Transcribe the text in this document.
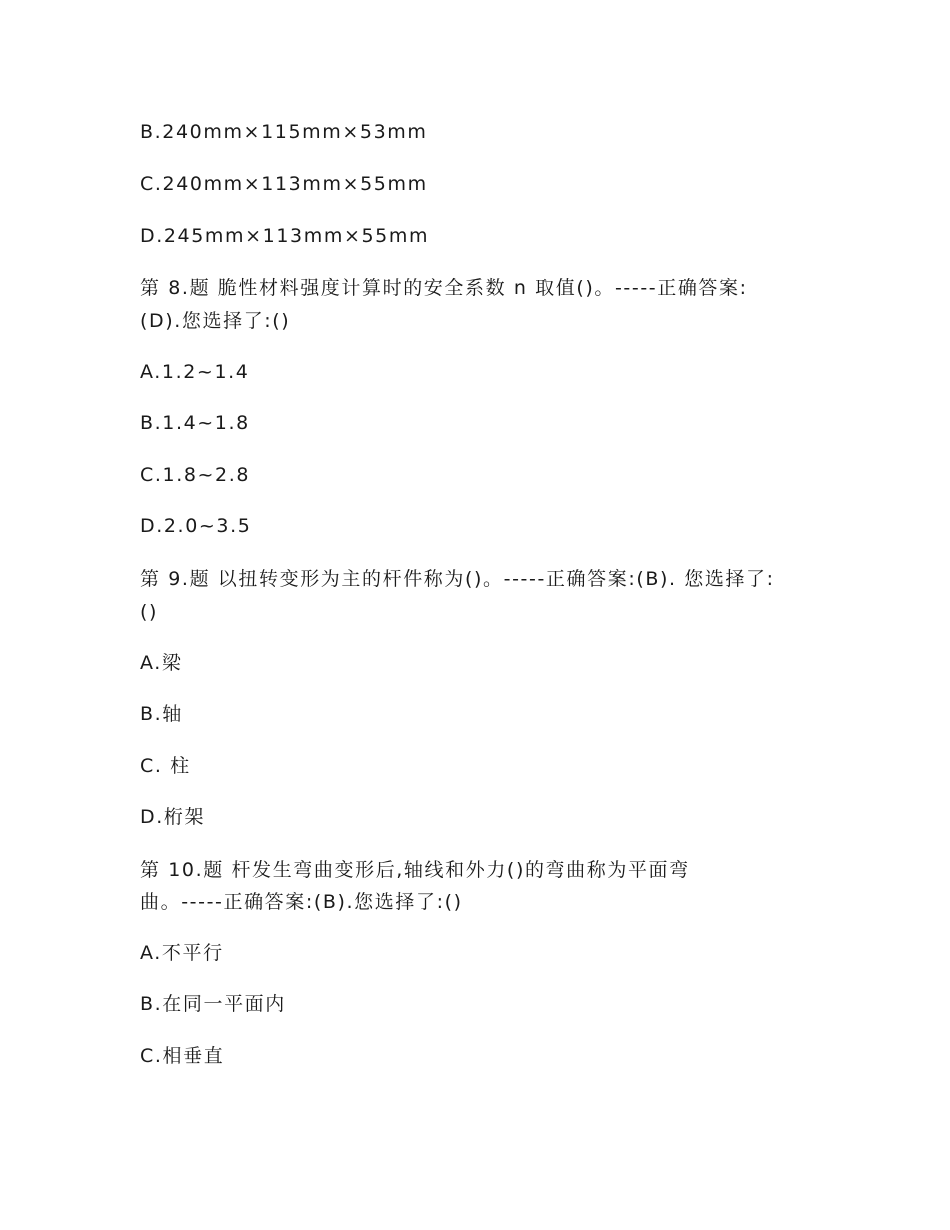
B.240mm×115mm×53mm
C.240mm×113mm×55mm
D.245mm×113mm×55mm
第 8.题 脆性材料强度计算时的安全系数 n 取值()。-----正确答案:
(D).您选择了:()
A.1.2~1.4
B.1.4~1.8
C.1.8~2.8
D.2.0~3.5
第 9.题 以扭转变形为主的杆件称为()。-----正确答案:(B). 您选择了:
()
A.梁
B.轴
C. 柱
D.桁架
第 10.题 杆发生弯曲变形后,轴线和外力()的弯曲称为平面弯
曲。-----正确答案:(B).您选择了:()
A.不平行
B.在同一平面内
C.相垂直
